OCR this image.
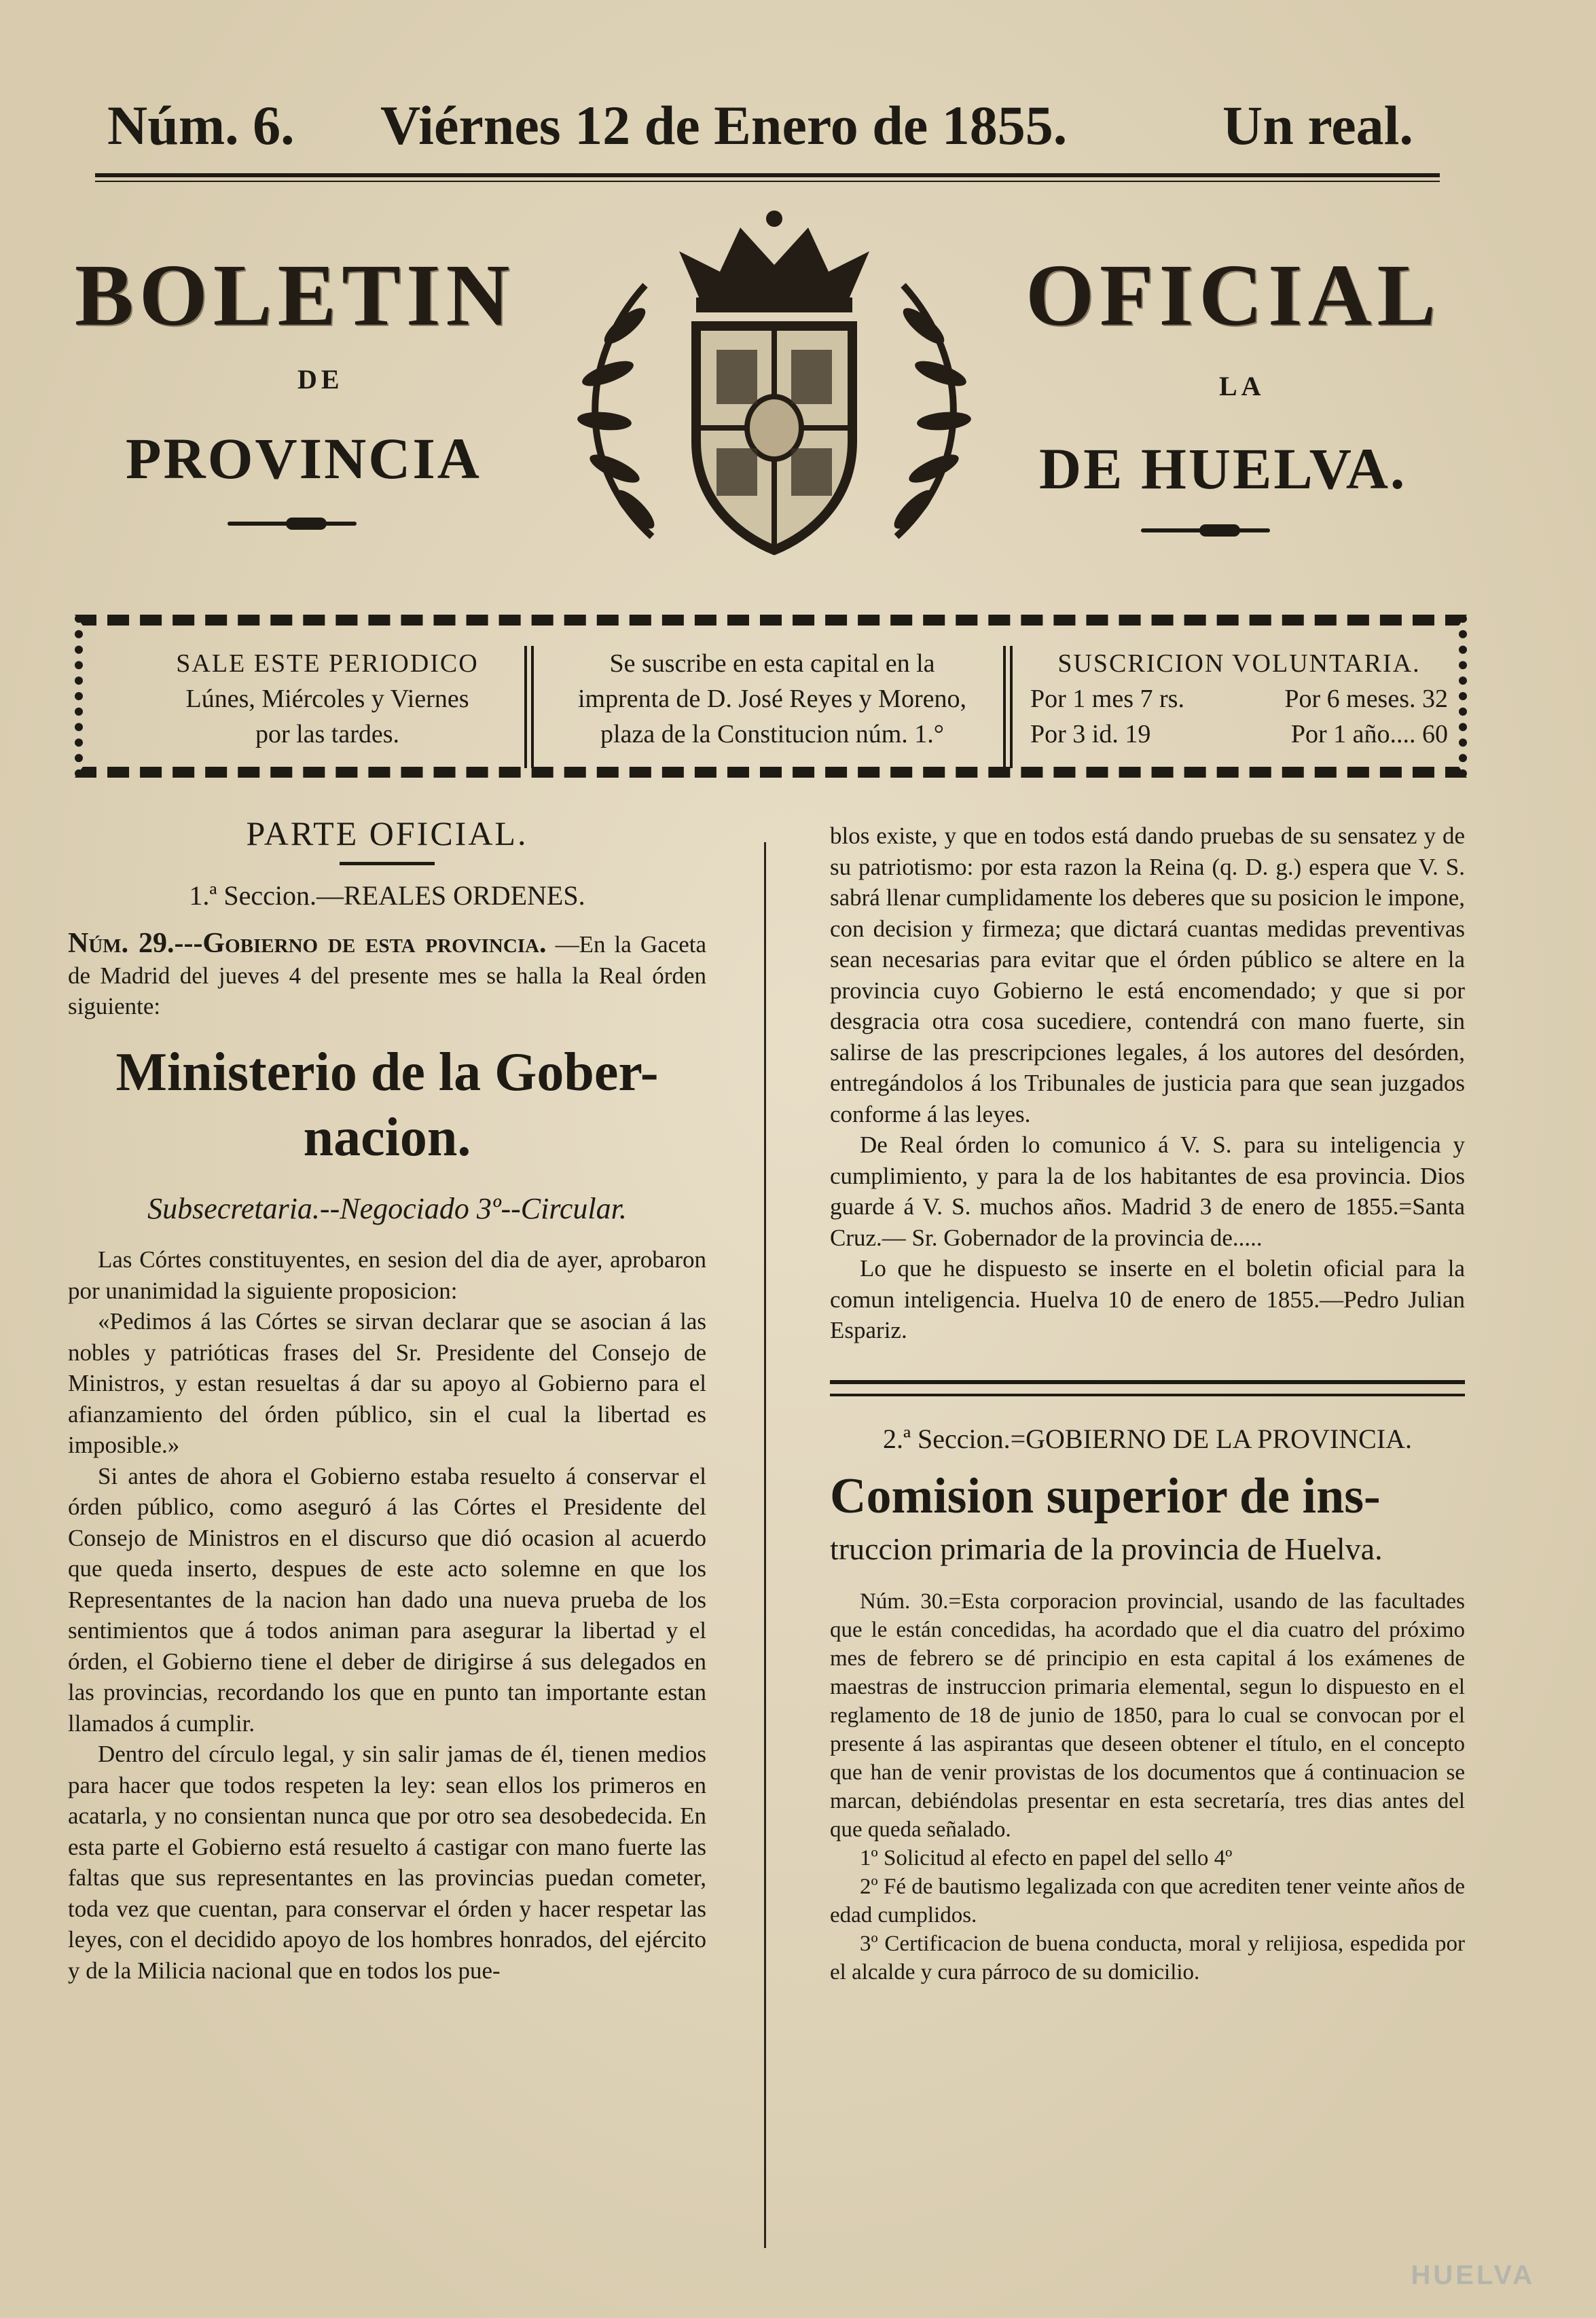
Núm. 6. Viérnes 12 de Enero de 1855.	Un real.
BOLETIN	OFICIAL
DE	LA
PROVINCIA	DE HUELVA.
SALE ESTE PERIODICO
Lúnes, Miércoles y Viernes
por las tardes.
Se suscribe en esta capital en la
imprenta de D. José Reyes y Moreno,
plaza de la Constitucion núm. 1.°
SUSCRICION VOLUNTARIA.
Por 1 mes 7 rs.	Por 6 meses. 32
Por 3 id. 19	Por 1 año.... 60

PARTE OFICIAL.

1.ª Seccion.—REALES ORDENES.

Núm. 29.---Gobierno de esta provincia. —En la Gaceta de Madrid del jueves 4 del presente mes se halla la Real órden siguiente:

Ministerio de la Gober-

nacion.

Subsecretaria.--Negociado 3º--Circular.

Las Córtes constituyentes, en sesion del dia de ayer, aprobaron por unanimidad la siguiente proposicion:

«Pedimos á las Córtes se sirvan declarar que se asocian á las nobles y patrióticas frases del Sr. Presidente del Consejo de Ministros, y estan resueltas á dar su apoyo al Gobierno para el afianzamiento del órden público, sin el cual la libertad es imposible.»

Si antes de ahora el Gobierno estaba resuelto á conservar el órden público, como aseguró á las Córtes el Presidente del Consejo de Ministros en el discurso que dió ocasion al acuerdo que queda inserto, despues de este acto solemne en que los Representantes de la nacion han dado una nueva prueba de los sentimientos que á todos animan para asegurar la libertad y el órden, el Gobierno tiene el deber de dirigirse á sus delegados en las provincias, recordando los que en punto tan importante estan llamados á cumplir.

Dentro del círculo legal, y sin salir jamas de él, tienen medios para hacer que todos respeten la ley: sean ellos los primeros en acatarla, y no consientan nunca que por otro sea desobedecida. En esta parte el Gobierno está resuelto á castigar con mano fuerte las faltas que sus representantes en las provincias puedan cometer, toda vez que cuentan, para conservar el órden y hacer respetar las leyes, con el decidido apoyo de los hombres honrados, del ejército y de la Milicia nacional que en todos los pue-

blos existe, y que en todos está dando pruebas de su sensatez y de su patriotismo: por esta razon la Reina (q. D. g.) espera que V. S. sabrá llenar cumplidamente los deberes que su posicion le impone, con decision y firmeza; que dictará cuantas medidas preventivas sean necesarias para evitar que el órden público se altere en la provincia cuyo Gobierno le está encomendado; y que si por desgracia otra cosa sucediere, contendrá con mano fuerte, sin salirse de las prescripciones legales, á los autores del desórden, entregándolos á los Tribunales de justicia para que sean juzgados conforme á las leyes.

De Real órden lo comunico á V. S. para su inteligencia y cumplimiento, y para la de los habitantes de esa provincia. Dios guarde á V. S. muchos años. Madrid 3 de enero de 1855.=Santa Cruz.— Sr. Gobernador de la provincia de.....

Lo que he dispuesto se inserte en el boletin oficial para la comun inteligencia. Huelva 10 de enero de 1855.—Pedro Julian Espariz.

2.ª Seccion.=GOBIERNO DE LA PROVINCIA.

Comision superior de ins-

truccion primaria de la provincia de Huelva.

Núm. 30.=Esta corporacion provincial, usando de las facultades que le están concedidas, ha acordado que el dia cuatro del próximo mes de febrero se dé principio en esta capital á los exámenes de maestras de instruccion primaria elemental, segun lo dispuesto en el reglamento de 18 de junio de 1850, para lo cual se convocan por el presente á las aspirantas que deseen obtener el título, en el concepto que han de venir provistas de los documentos que á continuacion se marcan, debiéndolas presentar en esta secretaría, tres dias antes del que queda señalado.

1º Solicitud al efecto en papel del sello 4º

2º Fé de bautismo legalizada con que acrediten tener veinte años de edad cumplidos.

3º Certificacion de buena conducta, moral y relijiosa, espedida por el alcalde y cura párroco de su domicilio.

HUELVA
